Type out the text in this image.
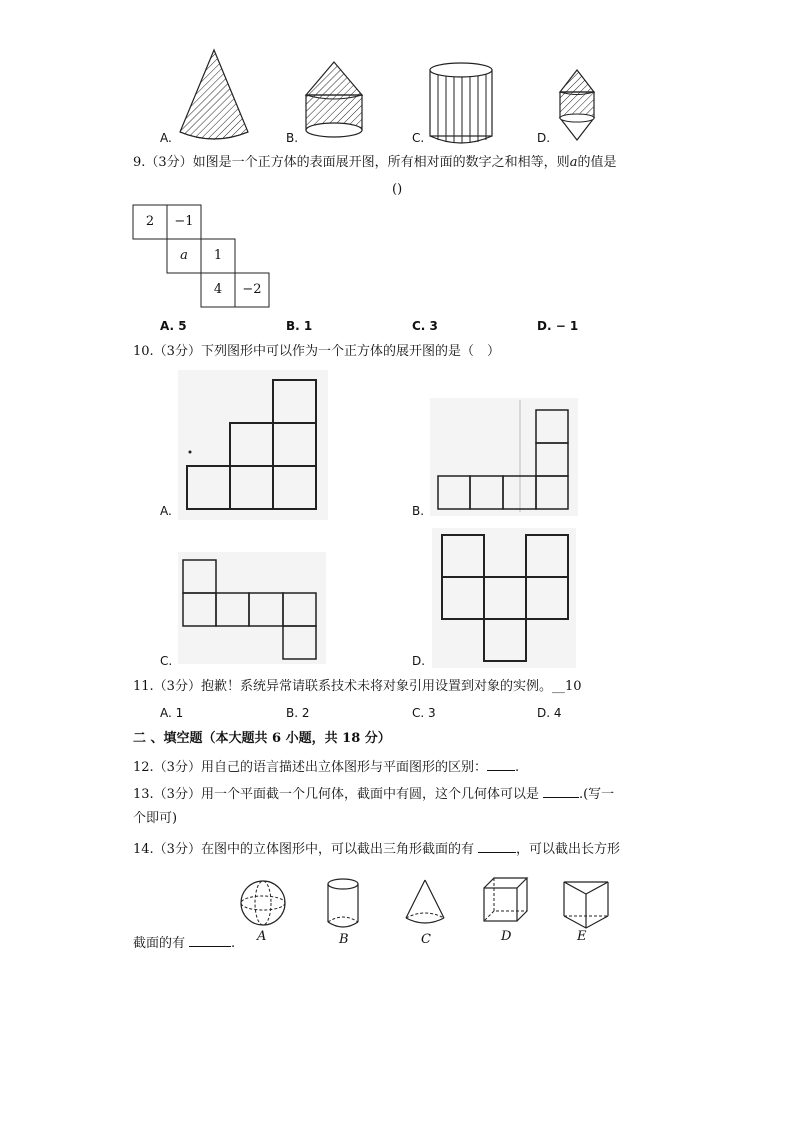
A.	B.	C.	D.
9.（3分）如图是一个正方体的表面展开图，所有相对面的数字之和相等，则a的值是
()
2	−1
a	1
4	−2
A. 5	B. 1	C. 3	D. − 1
10.（3分）下列图形中可以作为一个正方体的展开图的是（　）
A.	B.
C.	D.
11.（3分）抱歉！系统异常请联系技术未将对象引用设置到对象的实例。__10
A. 1	B. 2	C. 3	D. 4
二 、填空题（本大题共 6 小题，共 18 分）
12.（3分）用自己的语言描述出立体图形与平面图形的区别： .
13.（3分）用一个平面截一个几何体，截面中有圆，这个几何体可以是	.(写一
个即可)
14.（3分）在图中的立体图形中，可以截出三角形截面的有	，可以截出长方形
A	B	C	D	E
截面的有	.
